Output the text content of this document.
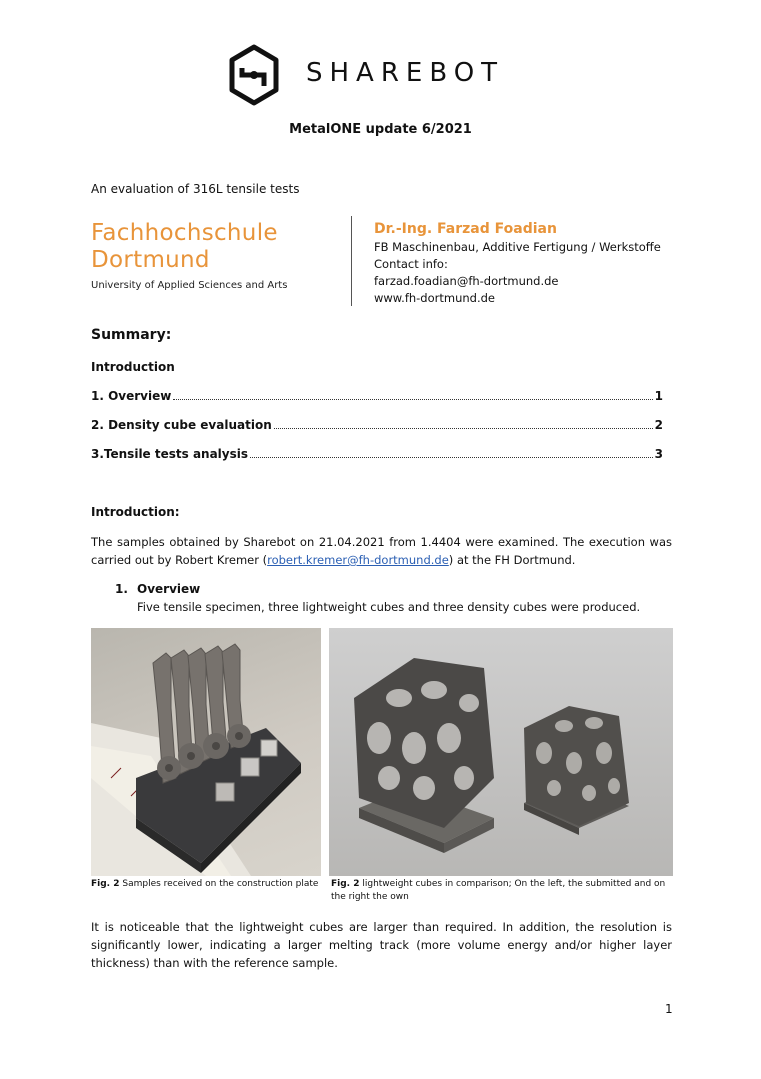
SHAREBOT
MetalONE update 6/2021
An evaluation of 316L tensile tests
Fachhochschule
Dortmund
University of Applied Sciences and Arts
Dr.-Ing. Farzad Foadian
FB Maschinenbau, Additive Fertigung / Werkstoffe
Contact info:
farzad.foadian@fh-dortmund.de
www.fh-dortmund.de
Summary:
Introduction
1. Overview	1
2. Density cube evaluation	2
3.Tensile tests analysis	3
Introduction:
The samples obtained by Sharebot on 21.04.2021 from 1.4404 were examined. The execution was carried out by Robert Kremer (robert.kremer@fh-dortmund.de) at the FH Dortmund.
1. Overview
Five tensile specimen, three lightweight cubes and three density cubes were produced.
Fig. 2 Samples received on the construction plate	Fig. 2 lightweight cubes in comparison; On the left, the submitted and on the right the own
It is noticeable that the lightweight cubes are larger than required. In addition, the resolution is significantly lower, indicating a larger melting track (more volume energy and/or higher layer thickness) than with the reference sample.
1
